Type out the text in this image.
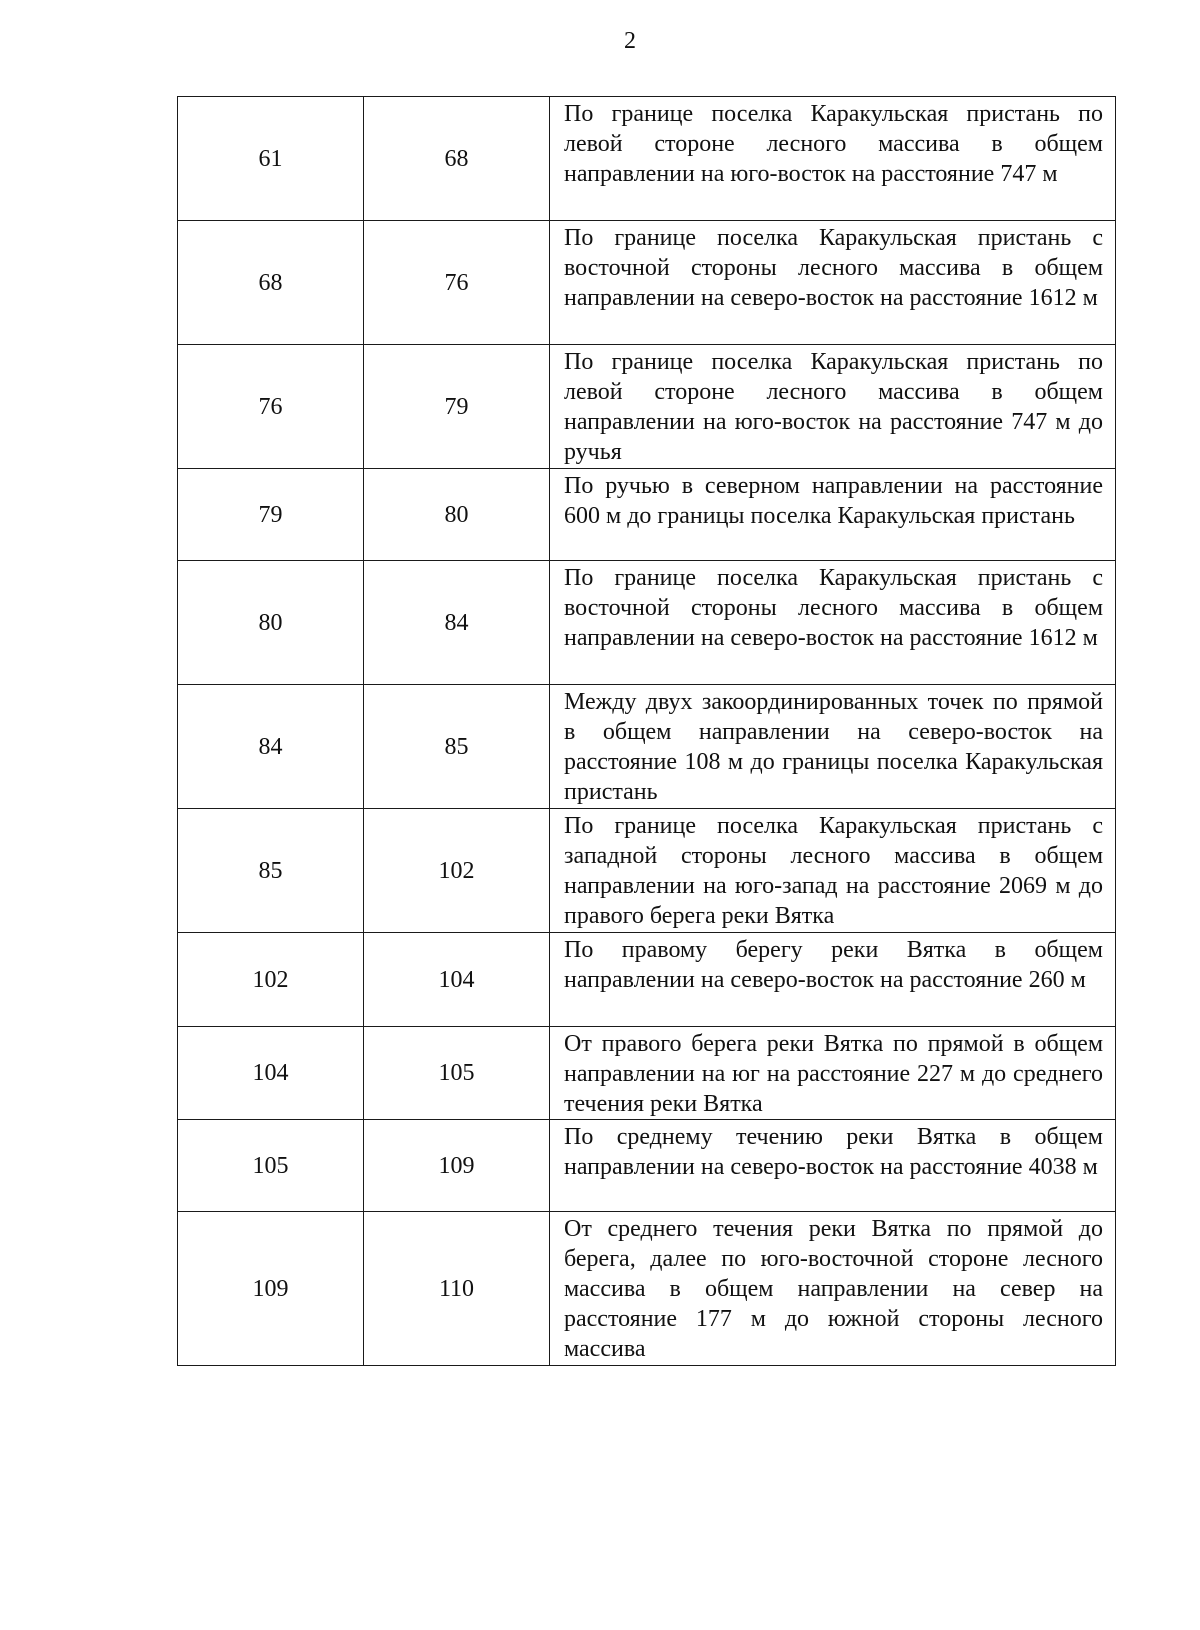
2
61	68	По границе поселка Каракульская пристань по левой стороне лесного массива в общем направлении на юго-восток на расстояние 747 м
68	76	По границе поселка Каракульская пристань с восточной стороны лесного массива в общем направлении на северо-восток на расстояние 1612 м
76	79	По границе поселка Каракульская пристань по левой стороне лесного массива в общем направлении на юго-восток на расстояние 747 м до ручья
79	80	По ручью в северном направлении на расстояние 600 м до границы поселка Каракульская пристань
80	84	По границе поселка Каракульская пристань с восточной стороны лесного массива в общем направлении на северо-восток на расстояние 1612 м
84	85	Между двух закоординированных точек по прямой в общем направлении на северо-восток на расстояние 108 м до границы поселка Каракульская пристань
85	102	По границе поселка Каракульская пристань с западной стороны лесного массива в общем направлении на юго-запад на расстояние 2069 м до правого берега реки Вятка
102	104	По правому берегу реки Вятка в общем направлении на северо-восток на расстояние 260 м
104	105	От правого берега реки Вятка по прямой в общем направлении на юг на расстояние 227 м до среднего течения реки Вятка
105	109	По среднему течению реки Вятка в общем направлении на северо-восток на расстояние 4038 м
109	110	От среднего течения реки Вятка по прямой до берега, далее по юго-восточной стороне лесного массива в общем направлении на север на расстояние 177 м до южной стороны лесного массива
